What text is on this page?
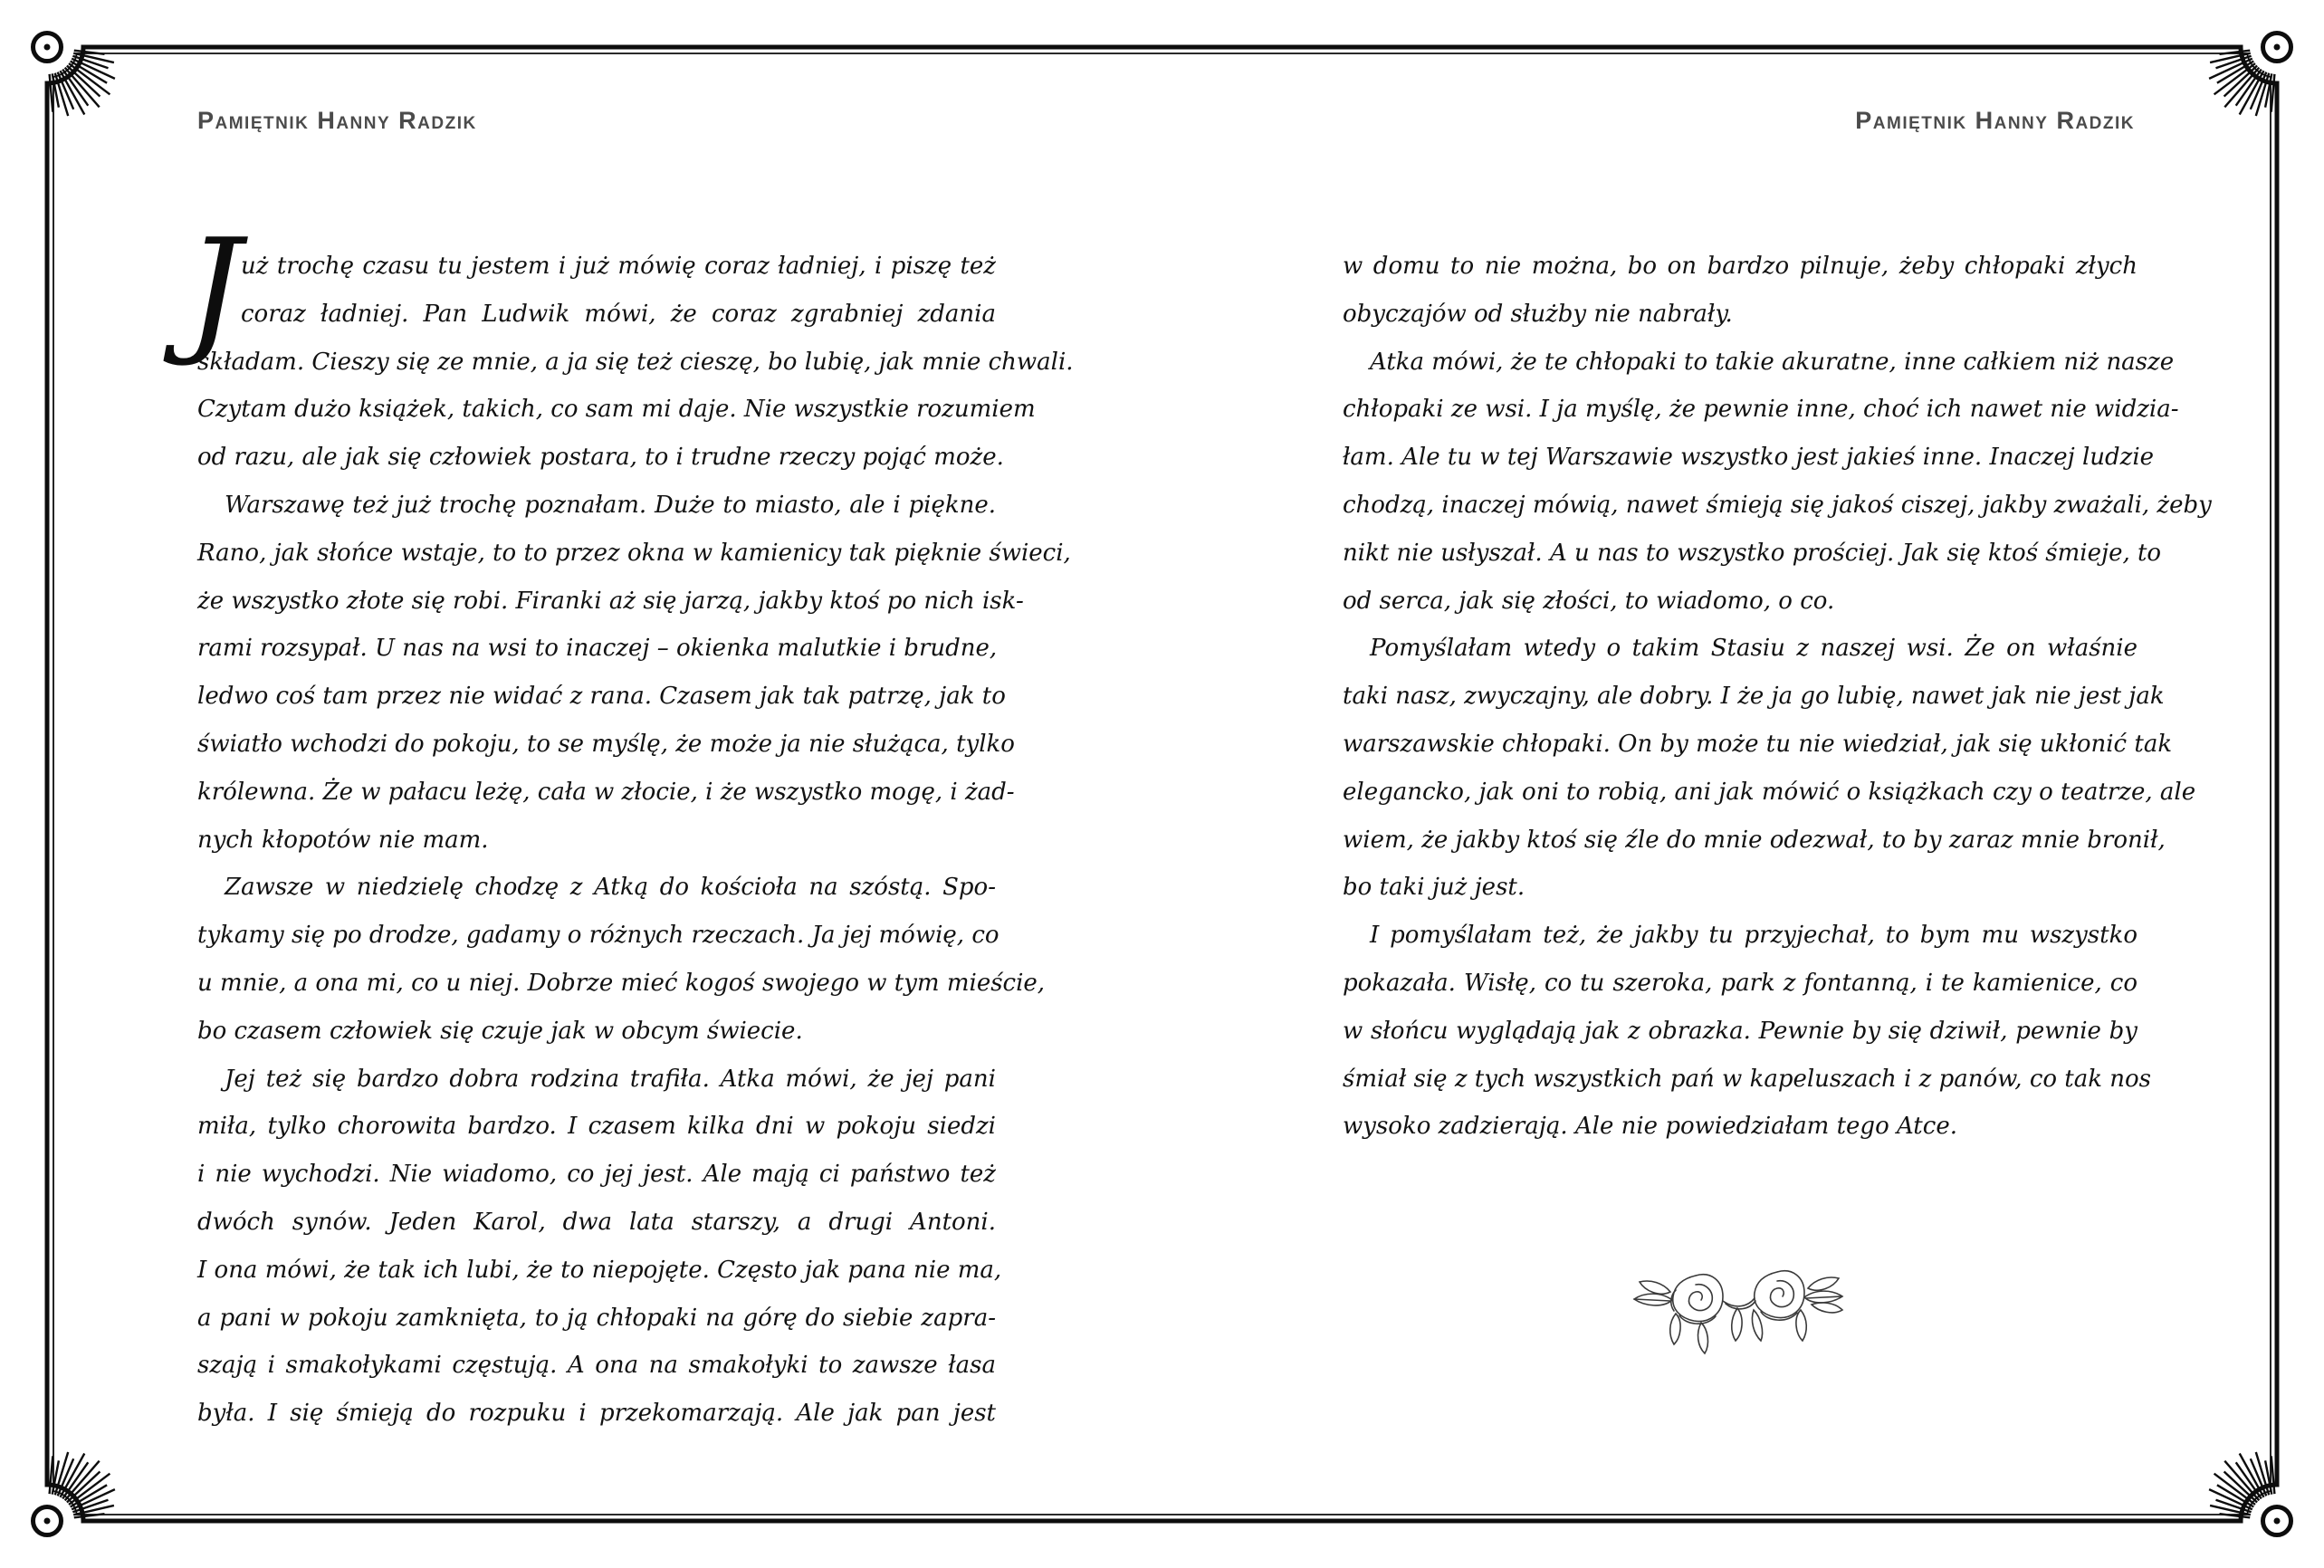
Pamiętnik Hanny Radzik	Pamiętnik Hanny Radzik
J uż trochę czasu tu jestem i już mówię coraz ładniej, i piszę też
coraz ładniej. Pan Ludwik mówi, że coraz zgrabniej zdania
składam. Cieszy się ze mnie, a ja się też cieszę, bo lubię, jak mnie chwali.
Czytam dużo książek, takich, co sam mi daje. Nie wszystkie rozumiem
od razu, ale jak się człowiek postara, to i trudne rzeczy pojąć może.
Warszawę też już trochę poznałam. Duże to miasto, ale i piękne.
Rano, jak słońce wstaje, to to przez okna w kamienicy tak pięknie świeci,
że wszystko złote się robi. Firanki aż się jarzą, jakby ktoś po nich isk-
rami rozsypał. U nas na wsi to inaczej – okienka malutkie i brudne,
ledwo coś tam przez nie widać z rana. Czasem jak tak patrzę, jak to
światło wchodzi do pokoju, to se myślę, że może ja nie służąca, tylko
królewna. Że w pałacu leżę, cała w złocie, i że wszystko mogę, i żad-
nych kłopotów nie mam.
Zawsze w niedzielę chodzę z Atką do kościoła na szóstą. Spo-
tykamy się po drodze, gadamy o różnych rzeczach. Ja jej mówię, co
u mnie, a ona mi, co u niej. Dobrze mieć kogoś swojego w tym mieście,
bo czasem człowiek się czuje jak w obcym świecie.
Jej też się bardzo dobra rodzina trafiła. Atka mówi, że jej pani
miła, tylko chorowita bardzo. I czasem kilka dni w pokoju siedzi
i nie wychodzi. Nie wiadomo, co jej jest. Ale mają ci państwo też
dwóch synów. Jeden Karol, dwa lata starszy, a drugi Antoni.
I ona mówi, że tak ich lubi, że to niepojęte. Często jak pana nie ma,
a pani w pokoju zamknięta, to ją chłopaki na górę do siebie zapra-
szają i smakołykami częstują. A ona na smakołyki to zawsze łasa
była. I się śmieją do rozpuku i przekomarzają. Ale jak pan jest
w domu to nie można, bo on bardzo pilnuje, żeby chłopaki złych
obyczajów od służby nie nabrały.
Atka mówi, że te chłopaki to takie akuratne, inne całkiem niż nasze
chłopaki ze wsi. I ja myślę, że pewnie inne, choć ich nawet nie widzia-
łam. Ale tu w tej Warszawie wszystko jest jakieś inne. Inaczej ludzie
chodzą, inaczej mówią, nawet śmieją się jakoś ciszej, jakby zważali, żeby
nikt nie usłyszał. A u nas to wszystko prościej. Jak się ktoś śmieje, to
od serca, jak się złości, to wiadomo, o co.
Pomyślałam wtedy o takim Stasiu z naszej wsi. Że on właśnie
taki nasz, zwyczajny, ale dobry. I że ja go lubię, nawet jak nie jest jak
warszawskie chłopaki. On by może tu nie wiedział, jak się ukłonić tak
elegancko, jak oni to robią, ani jak mówić o książkach czy o teatrze, ale
wiem, że jakby ktoś się źle do mnie odezwał, to by zaraz mnie bronił,
bo taki już jest.
I pomyślałam też, że jakby tu przyjechał, to bym mu wszystko
pokazała. Wisłę, co tu szeroka, park z fontanną, i te kamienice, co
w słońcu wyglądają jak z obrazka. Pewnie by się dziwił, pewnie by
śmiał się z tych wszystkich pań w kapeluszach i z panów, co tak nos
wysoko zadzierają. Ale nie powiedziałam tego Atce.
